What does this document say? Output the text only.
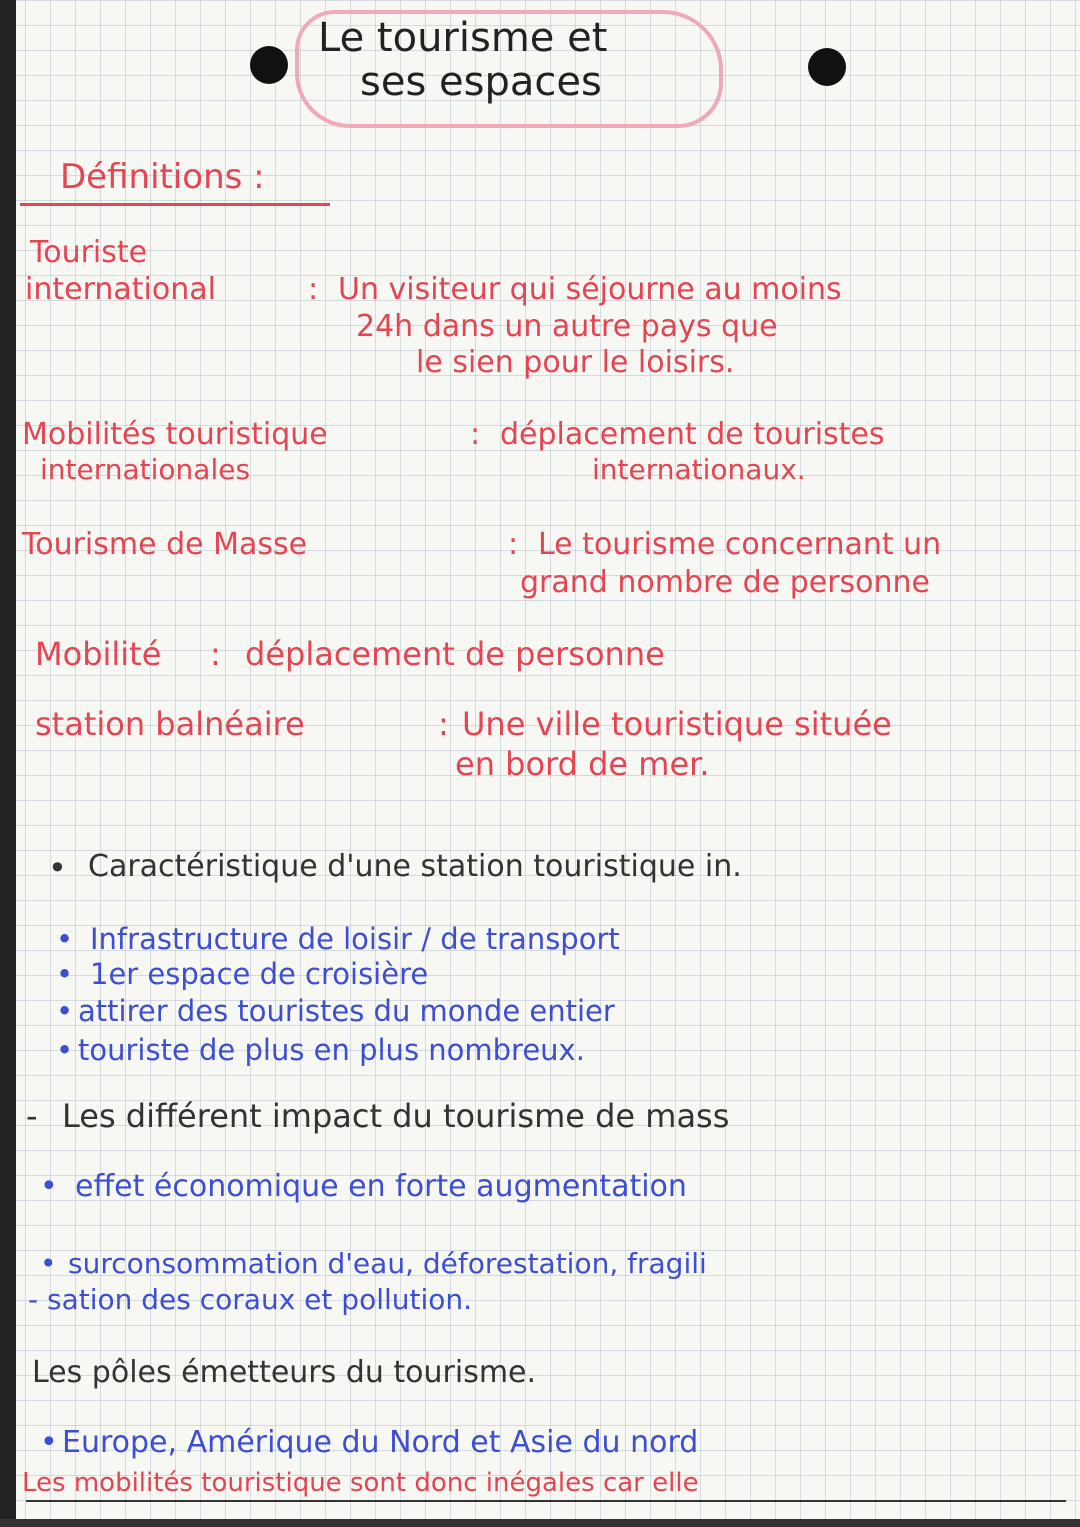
Le tourisme et
ses espaces
Définitions :
Touriste
international	: Un visiteur qui séjourne au moins
24h dans un autre pays que
le sien pour le loisirs.
Mobilités touristique
internationales
: déplacement de touristes
internationaux.
Tourisme de Masse	: Le tourisme concernant un
grand nombre de personne
Mobilité : déplacement de personne
station balnéaire	: Une ville touristique située
en bord de mer.
• Caractéristique d'une station touristique in.
• Infrastructure de loisir / de transport
• 1er espace de croisière
• attirer des touristes du monde entier
• touriste de plus en plus nombreux.
- Les différent impact du tourisme de mass
• effet économique en forte augmentation
• surconsommation d'eau, déforestation, fragili
- sation des coraux et pollution.
Les pôles émetteurs du tourisme.
• Europe, Amérique du Nord et Asie du nord
Les mobilités touristique sont donc inégales car elle
